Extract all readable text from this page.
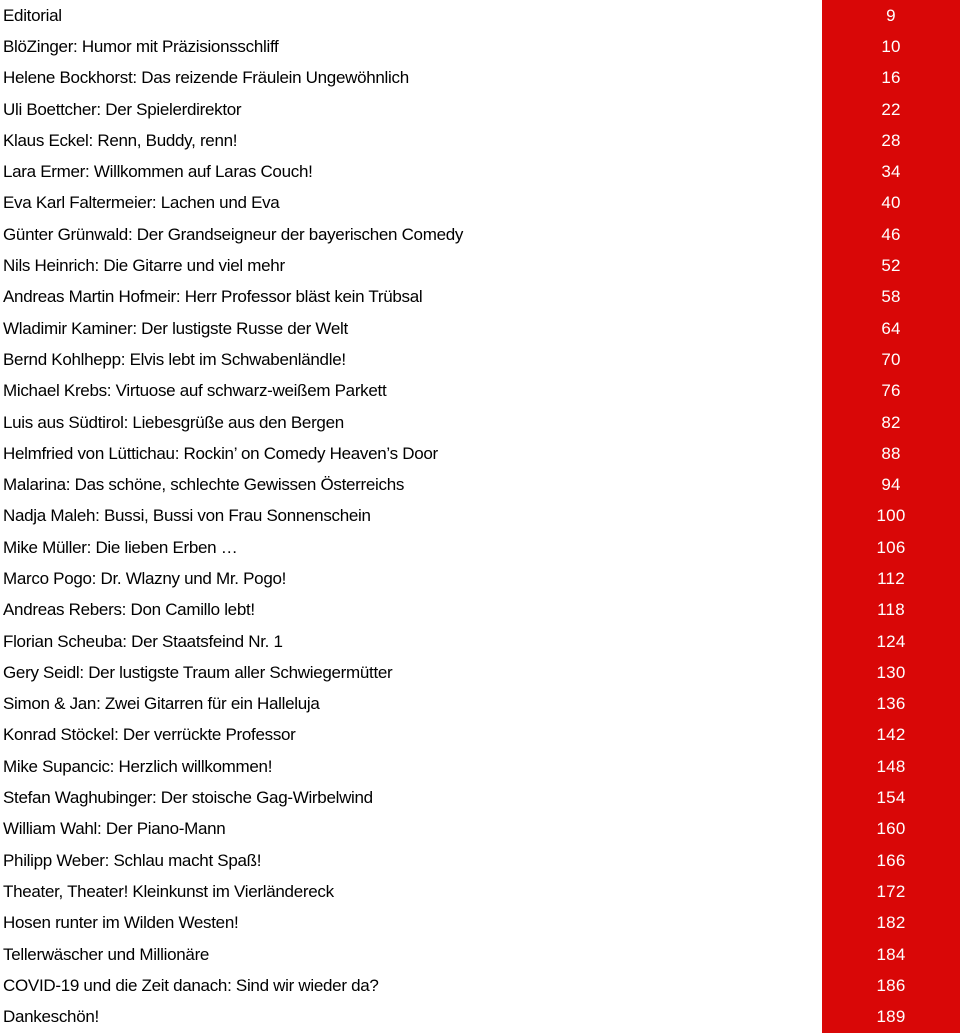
Editorial	9
BlöZinger: Humor mit Präzisionsschliff	10
Helene Bockhorst: Das reizende Fräulein Ungewöhnlich	16
Uli Boettcher: Der Spielerdirektor	22
Klaus Eckel: Renn, Buddy, renn!	28
Lara Ermer: Willkommen auf Laras Couch!	34
Eva Karl Faltermeier: Lachen und Eva	40
Günter Grünwald: Der Grandseigneur der bayerischen Comedy	46
Nils Heinrich: Die Gitarre und viel mehr	52
Andreas Martin Hofmeir: Herr Professor bläst kein Trübsal	58
Wladimir Kaminer: Der lustigste Russe der Welt	64
Bernd Kohlhepp: Elvis lebt im Schwabenländle!	70
Michael Krebs: Virtuose auf schwarz-weißem Parkett	76
Luis aus Südtirol: Liebesgrüße aus den Bergen	82
Helmfried von Lüttichau: Rockin’ on Comedy Heaven’s Door	88
Malarina: Das schöne, schlechte Gewissen Österreichs	94
Nadja Maleh: Bussi, Bussi von Frau Sonnenschein	100
Mike Müller: Die lieben Erben …	106
Marco Pogo: Dr. Wlazny und Mr. Pogo!	112
Andreas Rebers: Don Camillo lebt!	118
Florian Scheuba: Der Staatsfeind Nr. 1	124
Gery Seidl: Der lustigste Traum aller Schwiegermütter	130
Simon & Jan: Zwei Gitarren für ein Halleluja	136
Konrad Stöckel: Der verrückte Professor	142
Mike Supancic: Herzlich willkommen!	148
Stefan Waghubinger: Der stoische Gag-Wirbelwind	154
William Wahl: Der Piano-Mann	160
Philipp Weber: Schlau macht Spaß!	166
Theater, Theater! Kleinkunst im Vierländereck	172
Hosen runter im Wilden Westen!	182
Tellerwäscher und Millionäre	184
COVID-19 und die Zeit danach: Sind wir wieder da?	186
Dankeschön!	189
